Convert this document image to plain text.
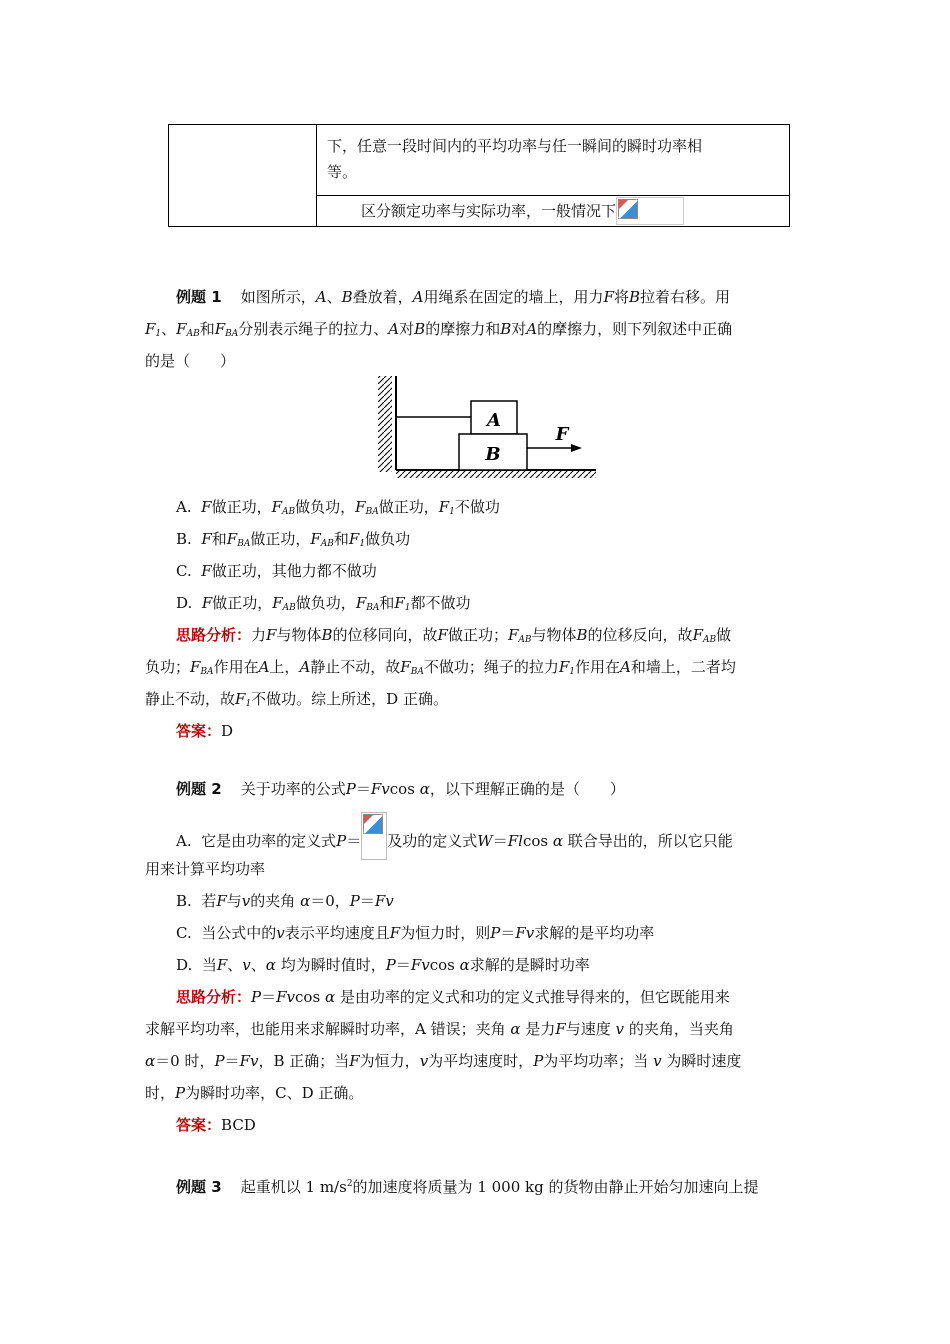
下，任意一段时间内的平均功率与任一瞬间的瞬时功率相
等。

区分额定功率与实际功率，一般情况下
例题 1 如图所示，A、B叠放着，A用绳系在固定的墙上，用力F将B拉着右移。用
$F_1$、$F_{AB}$和$F_{BA}$分别表示绳子的拉力、A对B的摩擦力和B对A的摩擦力，则下列叙述中正确
的是（　　）
A
B
F
A. F做正功，$F_{AB}$做负功，$F_{BA}$做正功，$F_1$不做功
B. F和$F_{BA}$做正功，$F_{AB}$和$F_1$做负功
C. F做正功，其他力都不做功
D. F做正功，$F_{AB}$做负功，$F_{BA}$和$F_1$都不做功
思路分析：力F与物体B的位移同向，故F做正功；$F_{AB}$与物体B的位移反向，故$F_{AB}$做
负功；$F_{BA}$作用在A上，A静止不动，故$F_{BA}$不做功；绳子的拉力$F_1$作用在A和墙上，二者均
静止不动，故$F_1$不做功。综上所述，D 正确。
答案：D
例题 2 关于功率的公式P＝Fvcos α，以下理解正确的是（　　）
A. 它是由功率的定义式P＝ 及功的定义式W＝Flcos α 联合导出的，所以它只能
用来计算平均功率
B. 若F与v的夹角 α＝0，P＝Fv
C. 当公式中的v表示平均速度且F为恒力时，则P＝Fv求解的是平均功率
D. 当F、v、α 均为瞬时值时，P＝Fvcos α求解的是瞬时功率
思路分析：P＝Fvcos α 是由功率的定义式和功的定义式推导得来的，但它既能用来
求解平均功率，也能用来求解瞬时功率，A 错误；夹角 α 是力F与速度 v 的夹角，当夹角
α＝0 时，P＝Fv，B 正确；当F为恒力，v为平均速度时，P为平均功率；当 v 为瞬时速度
时，P为瞬时功率，C、D 正确。
答案：BCD
例题 3 起重机以 1 $m/s^2$的加速度将质量为 1 000 kg 的货物由静止开始匀加速向上提
